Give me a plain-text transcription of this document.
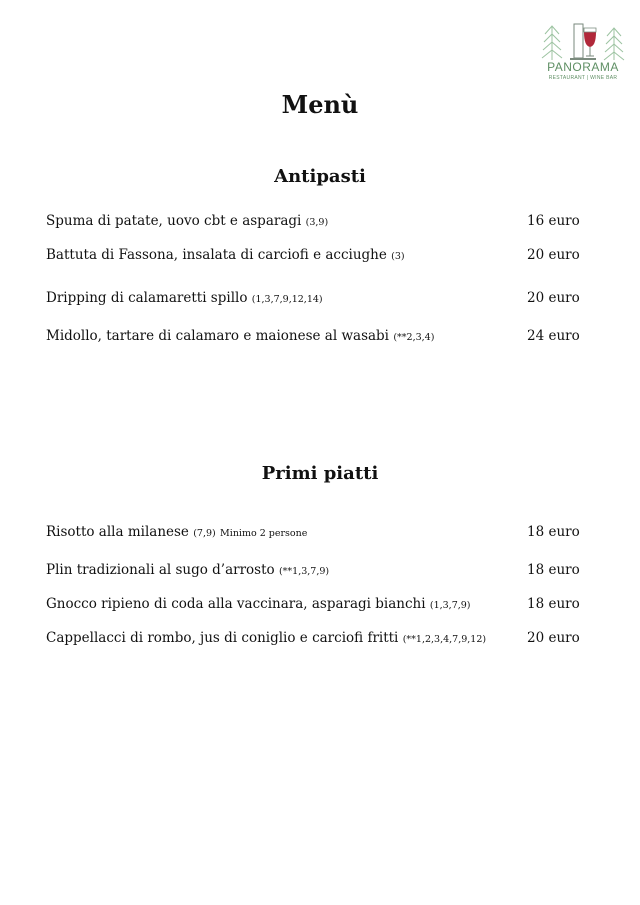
PANORAMA
RESTAURANT | WINE BAR
Menù
Antipasti
Spuma di patate, uovo cbt e asparagi (3,9)	16 euro
Battuta di Fassona, insalata di carciofi e acciughe (3)	20 euro
Dripping di calamaretti spillo (1,3,7,9,12,14)	20 euro
Midollo, tartare di calamaro e maionese al wasabi (**2,3,4)	24 euro
Primi piatti
Risotto alla milanese (7,9) Minimo 2 persone	18 euro
Plin tradizionali al sugo d’arrosto (**1,3,7,9)	18 euro
Gnocco ripieno di coda alla vaccinara, asparagi bianchi (1,3,7,9)	18 euro
Cappellacci di rombo, jus di coniglio e carciofi fritti (**1,2,3,4,7,9,12)	20 euro
